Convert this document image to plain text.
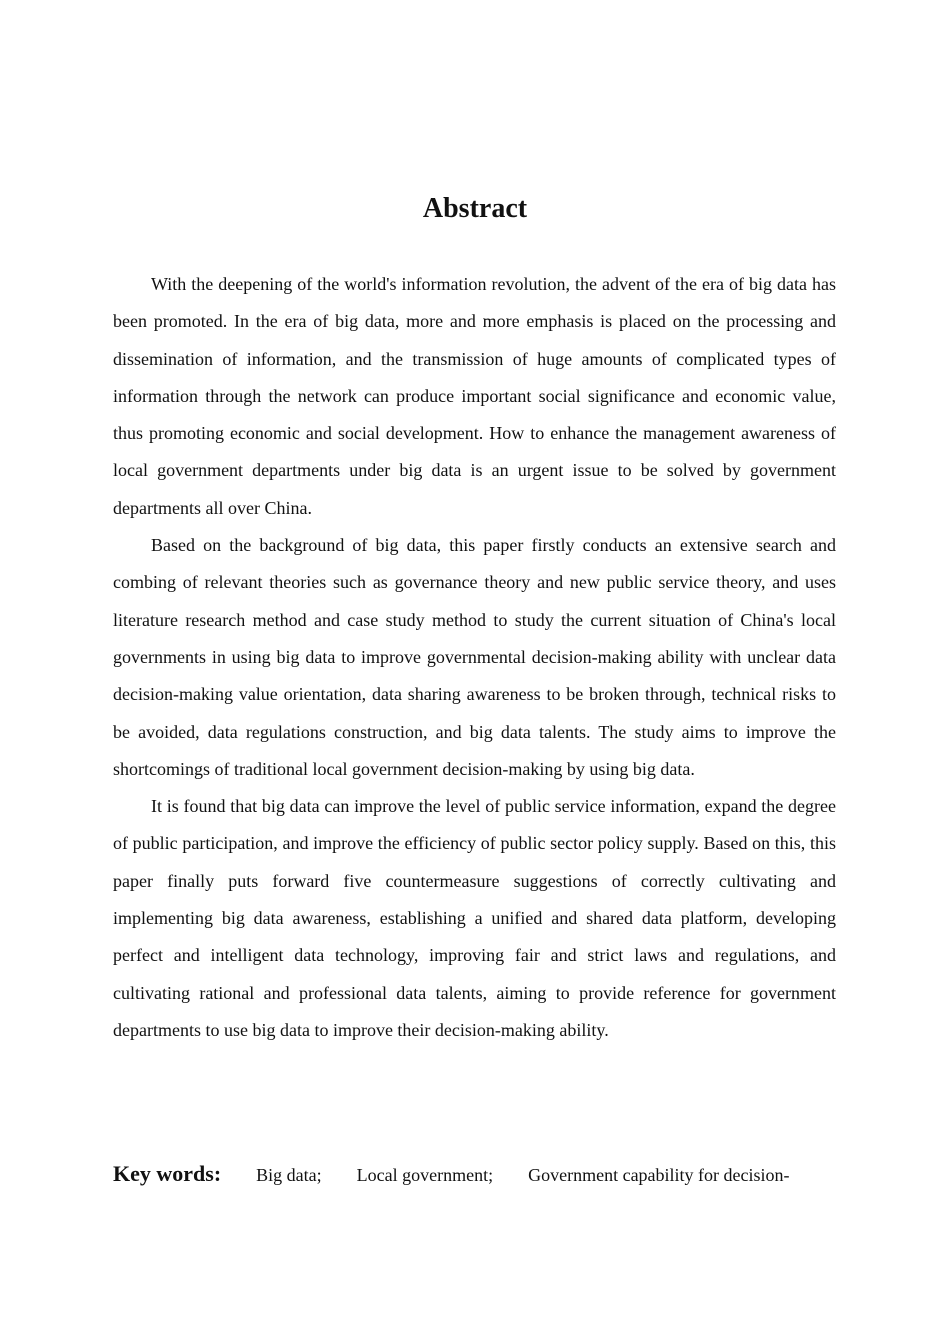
Abstract

With the deepening of the world's information revolution, the advent of the era of big data has been promoted. In the era of big data, more and more emphasis is placed on the processing and dissemination of information, and the transmission of huge amounts of complicated types of information through the network can produce important social significance and economic value, thus promoting economic and social development. How to enhance the management awareness of local government departments under big data is an urgent issue to be solved by government departments all over China.

Based on the background of big data, this paper firstly conducts an extensive search and combing of relevant theories such as governance theory and new public service theory, and uses literature research method and case study method to study the current situation of China's local governments in using big data to improve governmental decision-making ability with unclear data decision-making value orientation, data sharing awareness to be broken through, technical risks to be avoided, data regulations construction, and big data talents. The study aims to improve the shortcomings of traditional local government decision-making by using big data.

It is found that big data can improve the level of public service information, expand the degree of public participation, and improve the efficiency of public sector policy supply. Based on this, this paper finally puts forward five countermeasure suggestions of correctly cultivating and implementing big data awareness, establishing a unified and shared data platform, developing perfect and intelligent data technology, improving fair and strict laws and regulations, and cultivating rational and professional data talents, aiming to provide reference for government departments to use big data to improve their decision-making ability.

Key words: Big data; Local government; Government capability for decision-
